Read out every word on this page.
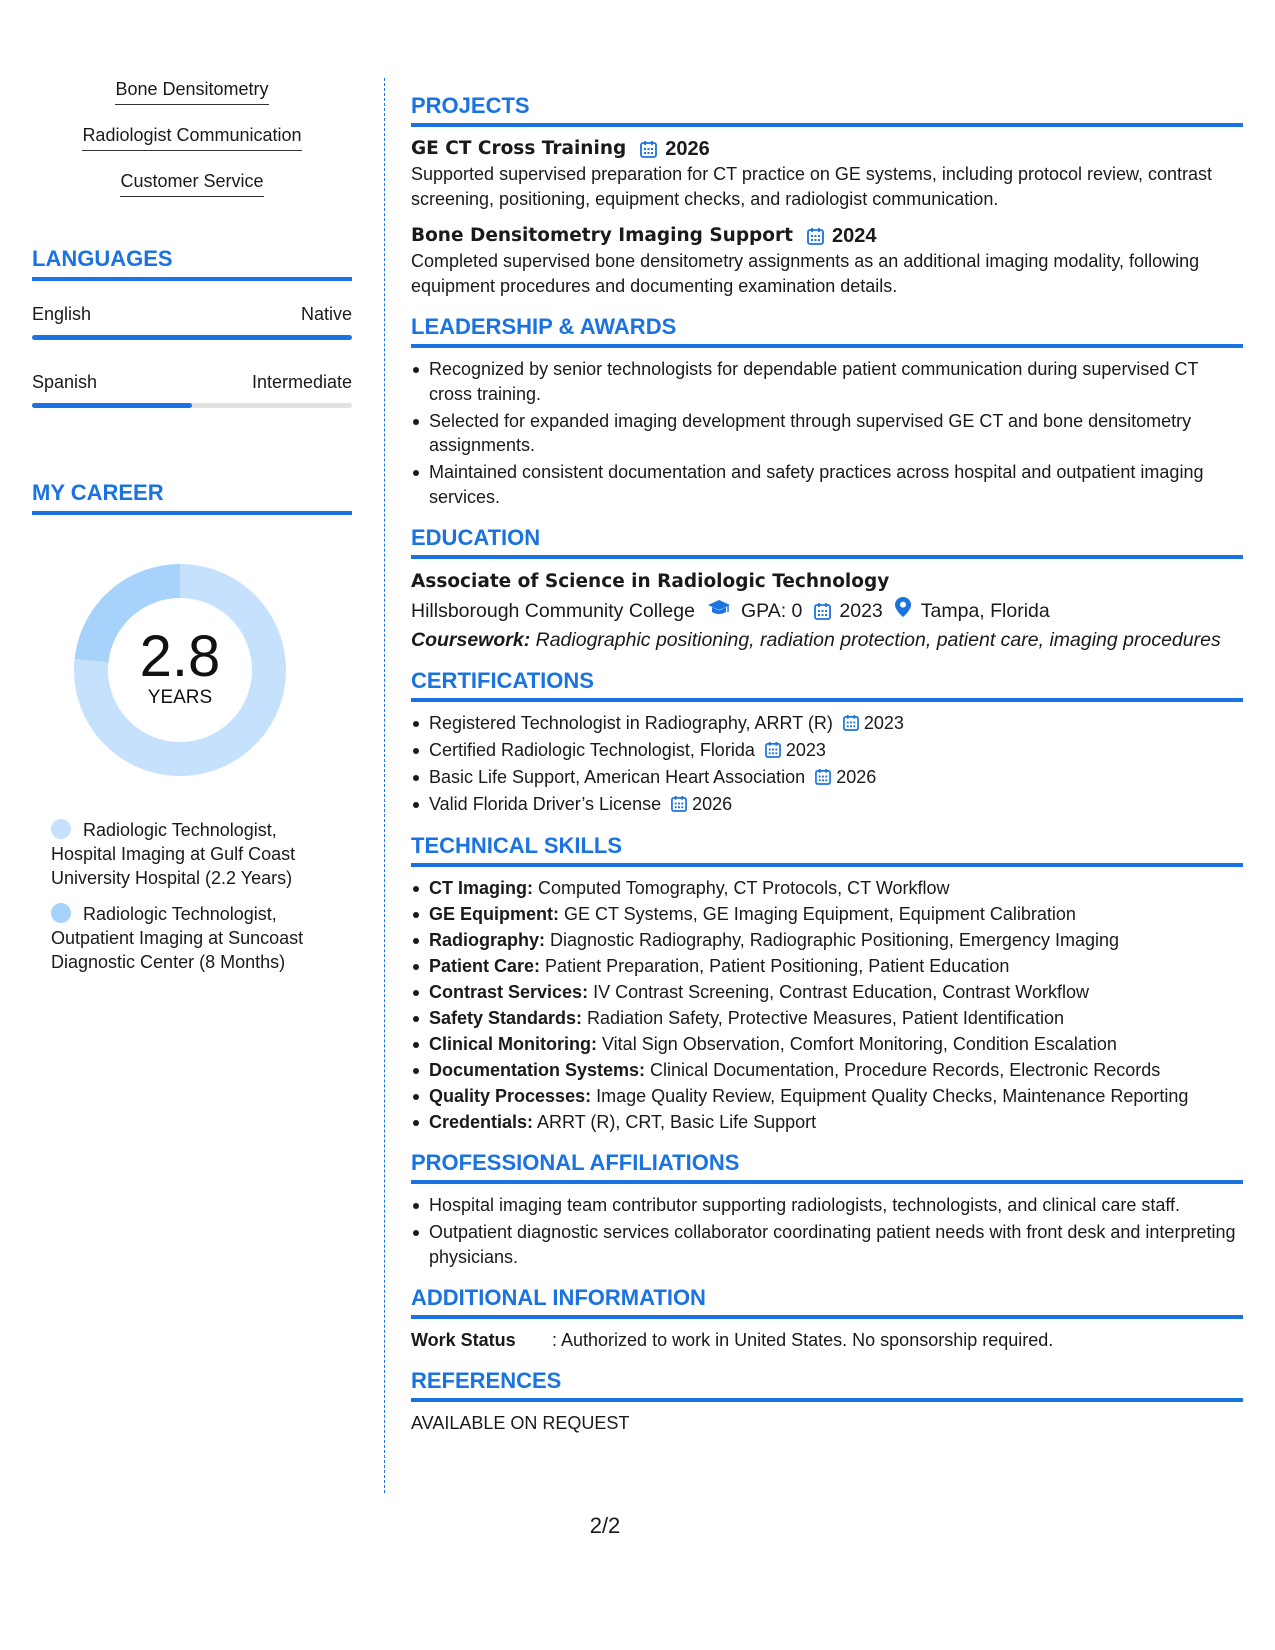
Bone Densitometry
Radiologist Communication
Customer Service
LANGUAGES
English	Native
Spanish	Intermediate
MY CAREER
2.8
YEARS
Radiologic Technologist, Hospital Imaging at Gulf Coast University Hospital (2.2 Years)
Radiologic Technologist, Outpatient Imaging at Suncoast Diagnostic Center (8 Months)
PROJECTS
GE CT Cross Training 2026
Supported supervised preparation for CT practice on GE systems, including protocol review, contrast screening, positioning, equipment checks, and radiologist communication.
Bone Densitometry Imaging Support 2024
Completed supervised bone densitometry assignments as an additional imaging modality, following equipment procedures and documenting examination details.
LEADERSHIP & AWARDS
Recognized by senior technologists for dependable patient communication during supervised CT cross training.
Selected for expanded imaging development through supervised GE CT and bone densitometry assignments.
Maintained consistent documentation and safety practices across hospital and outpatient imaging services.
EDUCATION
Associate of Science in Radiologic Technology
Hillsborough Community College GPA: 0 2023 Tampa, Florida
Coursework: Radiographic positioning, radiation protection, patient care, imaging procedures
CERTIFICATIONS
Registered Technologist in Radiography, ARRT (R) 2023
Certified Radiologic Technologist, Florida 2023
Basic Life Support, American Heart Association 2026
Valid Florida Driver’s License 2026
TECHNICAL SKILLS
CT Imaging: Computed Tomography, CT Protocols, CT Workflow
GE Equipment: GE CT Systems, GE Imaging Equipment, Equipment Calibration
Radiography: Diagnostic Radiography, Radiographic Positioning, Emergency Imaging
Patient Care: Patient Preparation, Patient Positioning, Patient Education
Contrast Services: IV Contrast Screening, Contrast Education, Contrast Workflow
Safety Standards: Radiation Safety, Protective Measures, Patient Identification
Clinical Monitoring: Vital Sign Observation, Comfort Monitoring, Condition Escalation
Documentation Systems: Clinical Documentation, Procedure Records, Electronic Records
Quality Processes: Image Quality Review, Equipment Quality Checks, Maintenance Reporting
Credentials: ARRT (R), CRT, Basic Life Support
PROFESSIONAL AFFILIATIONS
Hospital imaging team contributor supporting radiologists, technologists, and clinical care staff.
Outpatient diagnostic services collaborator coordinating patient needs with front desk and interpreting physicians.
ADDITIONAL INFORMATION
Work Status	: Authorized to work in United States. No sponsorship required.
REFERENCES
AVAILABLE ON REQUEST
2/2
